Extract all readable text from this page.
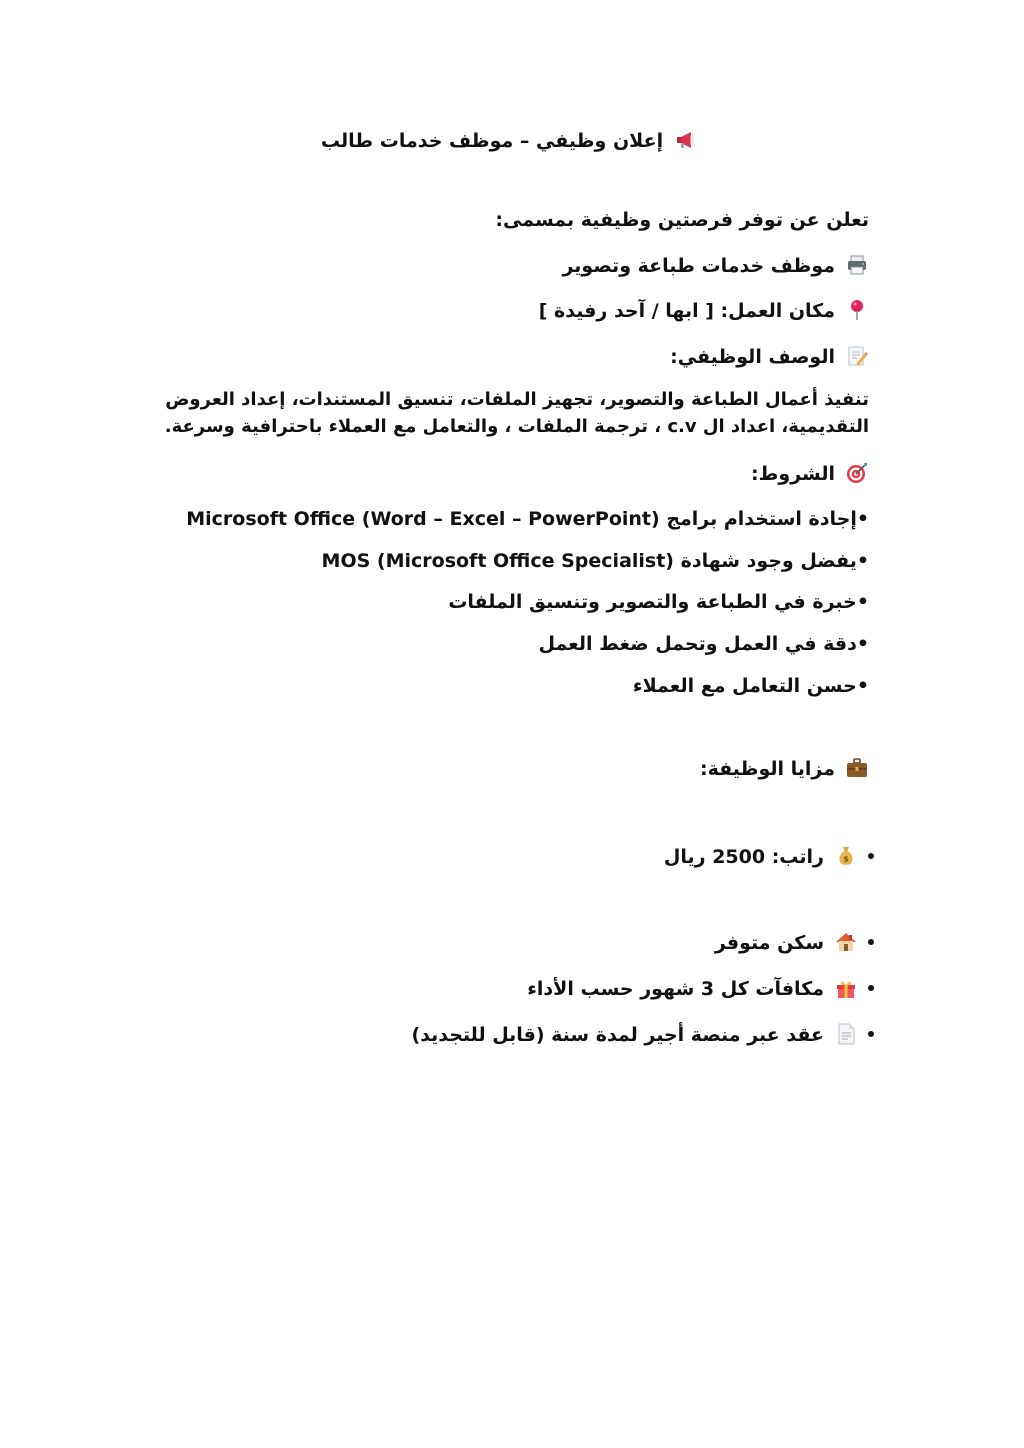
إعلان وظيفي – موظف خدمات طالب
تعلن عن توفر فرصتين وظيفية بمسمى:
موظف خدمات طباعة وتصوير
مكان العمل: [ ابها / آحد رفيدة ]
الوصف الوظيفي:
تنفيذ أعمال الطباعة والتصوير، تجهيز الملفات، تنسيق المستندات، إعداد العروض التقديمية، اعداد ال c.v ، ترجمة الملفات ، والتعامل مع العملاء باحترافية وسرعة.
الشروط:
•إجادة استخدام برامج Microsoft Office (Word – Excel – PowerPoint)
•يفضل وجود شهادة MOS (Microsoft Office Specialist)
•خبرة في الطباعة والتصوير وتنسيق الملفات
•دقة في العمل وتحمل ضغط العمل
•حسن التعامل مع العملاء
مزايا الوظيفة:
$
راتب: 2500 ريال
سكن متوفر
مكافآت كل 3 شهور حسب الأداء
عقد عبر منصة أجير لمدة سنة (قابل للتجديد)
